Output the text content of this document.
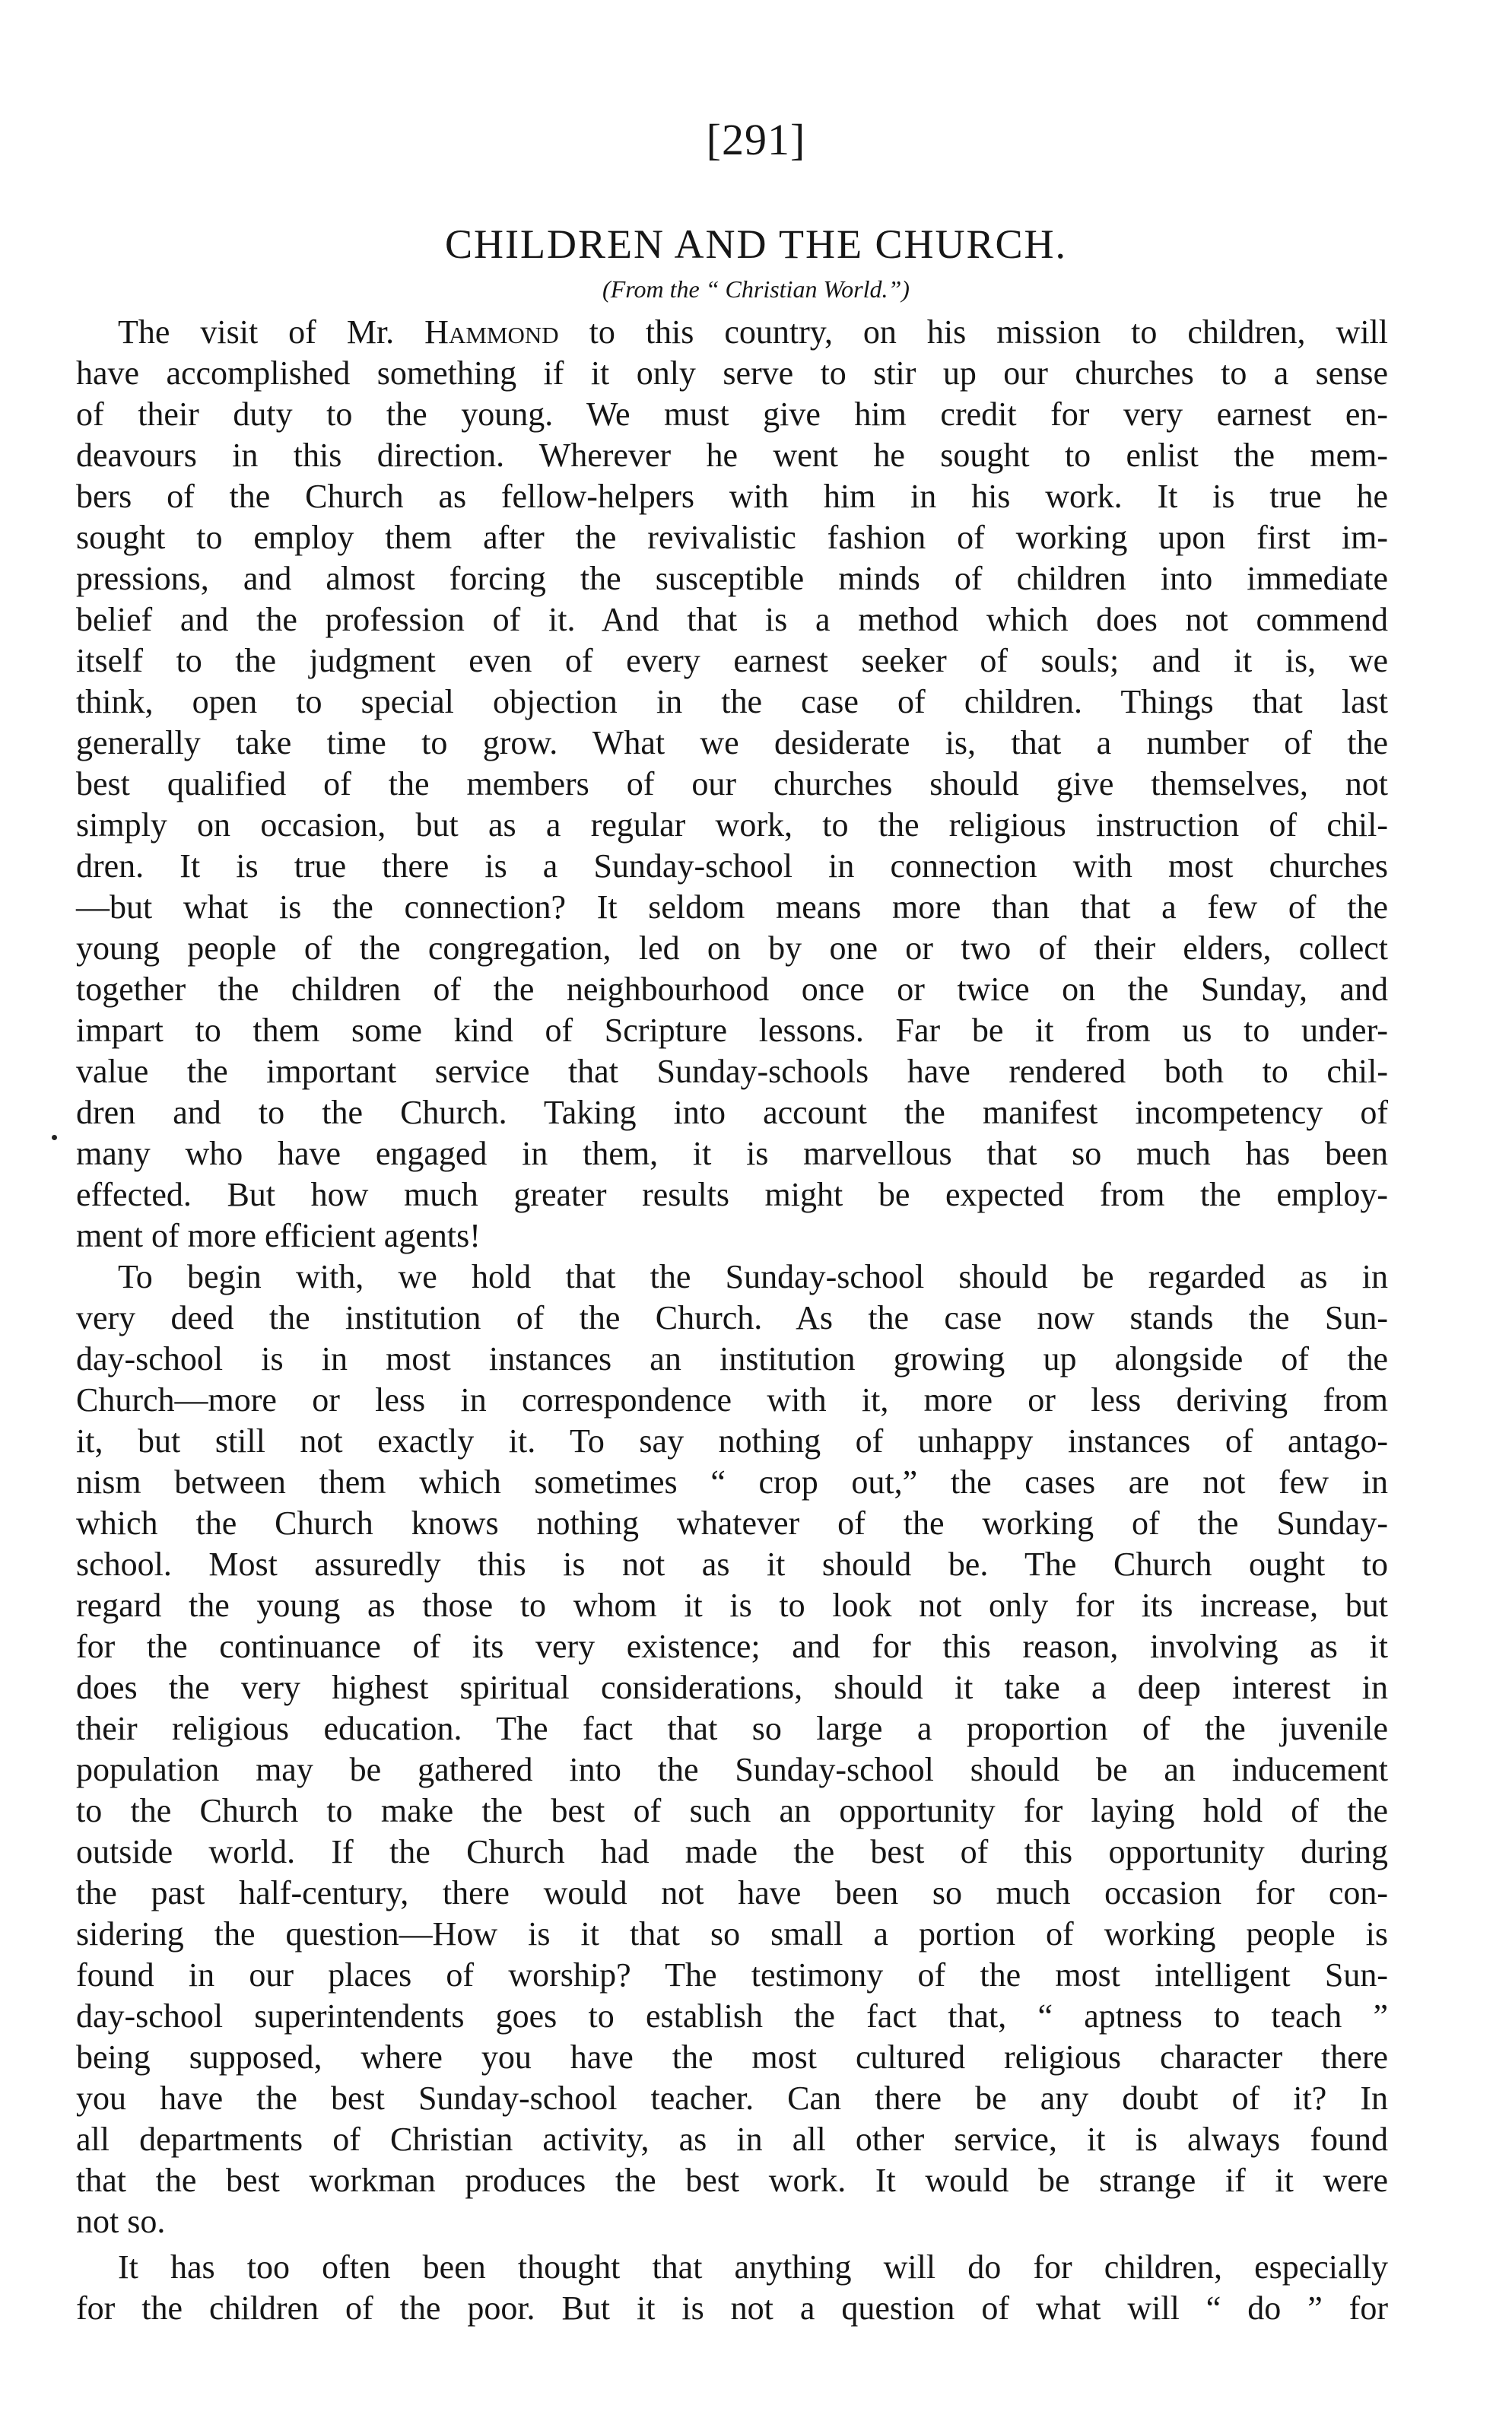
[291]
CHILDREN AND THE CHURCH.
(From the “ Christian World.”)
The visit of Mr. Hammond to this country, on his mission to children, will
have accomplished something if it only serve to stir up our churches to a sense
of their duty to the young. We must give him credit for very earnest en-
deavours in this direction. Wherever he went he sought to enlist the mem-
bers of the Church as fellow-helpers with him in his work. It is true he
sought to employ them after the revivalistic fashion of working upon first im-
pressions, and almost forcing the susceptible minds of children into immediate
belief and the profession of it. And that is a method which does not commend
itself to the judgment even of every earnest seeker of souls; and it is, we
think, open to special objection in the case of children. Things that last
generally take time to grow. What we desiderate is, that a number of the
best qualified of the members of our churches should give themselves, not
simply on occasion, but as a regular work, to the religious instruction of chil-
dren. It is true there is a Sunday-school in connection with most churches
—but what is the connection? It seldom means more than that a few of the
young people of the congregation, led on by one or two of their elders, collect
together the children of the neighbourhood once or twice on the Sunday, and
impart to them some kind of Scripture lessons. Far be it from us to under-
value the important service that Sunday-schools have rendered both to chil-
dren and to the Church. Taking into account the manifest incompetency of
many who have engaged in them, it is marvellous that so much has been
effected. But how much greater results might be expected from the employ-
ment of more efficient agents!
To begin with, we hold that the Sunday-school should be regarded as in
very deed the institution of the Church. As the case now stands the Sun-
day-school is in most instances an institution growing up alongside of the
Church—more or less in correspondence with it, more or less deriving from
it, but still not exactly it. To say nothing of unhappy instances of antago-
nism between them which sometimes “ crop out,” the cases are not few in
which the Church knows nothing whatever of the working of the Sunday-
school. Most assuredly this is not as it should be. The Church ought to
regard the young as those to whom it is to look not only for its increase, but
for the continuance of its very existence; and for this reason, involving as it
does the very highest spiritual considerations, should it take a deep interest in
their religious education. The fact that so large a proportion of the juvenile
population may be gathered into the Sunday-school should be an inducement
to the Church to make the best of such an opportunity for laying hold of the
outside world. If the Church had made the best of this opportunity during
the past half-century, there would not have been so much occasion for con-
sidering the question—How is it that so small a portion of working people is
found in our places of worship? The testimony of the most intelligent Sun-
day-school superintendents goes to establish the fact that, “ aptness to teach ”
being supposed, where you have the most cultured religious character there
you have the best Sunday-school teacher. Can there be any doubt of it? In
all departments of Christian activity, as in all other service, it is always found
that the best workman produces the best work. It would be strange if it were
not so.
It has too often been thought that anything will do for children, especially
for the children of the poor. But it is not a question of what will “ do ” for
